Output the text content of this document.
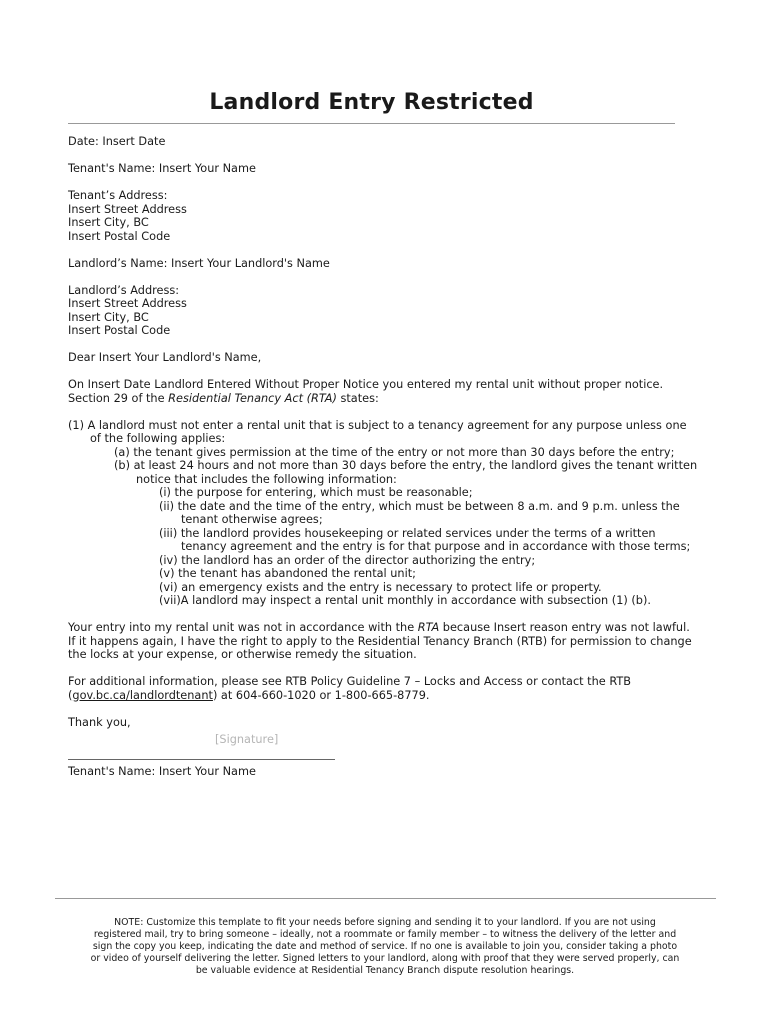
Landlord Entry Restricted

Date: Insert Date

Tenant's Name: Insert Your Name

Tenant’s Address:

Insert Street Address

Insert City, BC

Insert Postal Code

Landlord’s Name: Insert Your Landlord's Name

Landlord’s Address:

Insert Street Address

Insert City, BC

Insert Postal Code

Dear Insert Your Landlord's Name,

On Insert Date Landlord Entered Without Proper Notice you entered my rental unit without proper notice.

Section 29 of the Residential Tenancy Act (RTA) states:

(1) A landlord must not enter a rental unit that is subject to a tenancy agreement for any purpose unless one

of the following applies:

(a) the tenant gives permission at the time of the entry or not more than 30 days before the entry;

(b) at least 24 hours and not more than 30 days before the entry, the landlord gives the tenant written

notice that includes the following information:

(i) the purpose for entering, which must be reasonable;

(ii) the date and the time of the entry, which must be between 8 a.m. and 9 p.m. unless the

tenant otherwise agrees;

(iii) the landlord provides housekeeping or related services under the terms of a written

tenancy agreement and the entry is for that purpose and in accordance with those terms;

(iv) the landlord has an order of the director authorizing the entry;

(v) the tenant has abandoned the rental unit;

(vi) an emergency exists and the entry is necessary to protect life or property.

(vii)A landlord may inspect a rental unit monthly in accordance with subsection (1) (b).

Your entry into my rental unit was not in accordance with the RTA because Insert reason entry was not lawful.

If it happens again, I have the right to apply to the Residential Tenancy Branch (RTB) for permission to change

the locks at your expense, or otherwise remedy the situation.

For additional information, please see RTB Policy Guideline 7 – Locks and Access or contact the RTB

(gov.bc.ca/landlordtenant) at 604-660-1020 or 1-800-665-8779.

Thank you,

[Signature]

Tenant's Name: Insert Your Name

NOTE: Customize this template to fit your needs before signing and sending it to your landlord. If you are not using
registered mail, try to bring someone – ideally, not a roommate or family member – to witness the delivery of the letter and
sign the copy you keep, indicating the date and method of service. If no one is available to join you, consider taking a photo
or video of yourself delivering the letter. Signed letters to your landlord, along with proof that they were served properly, can
be valuable evidence at Residential Tenancy Branch dispute resolution hearings.
